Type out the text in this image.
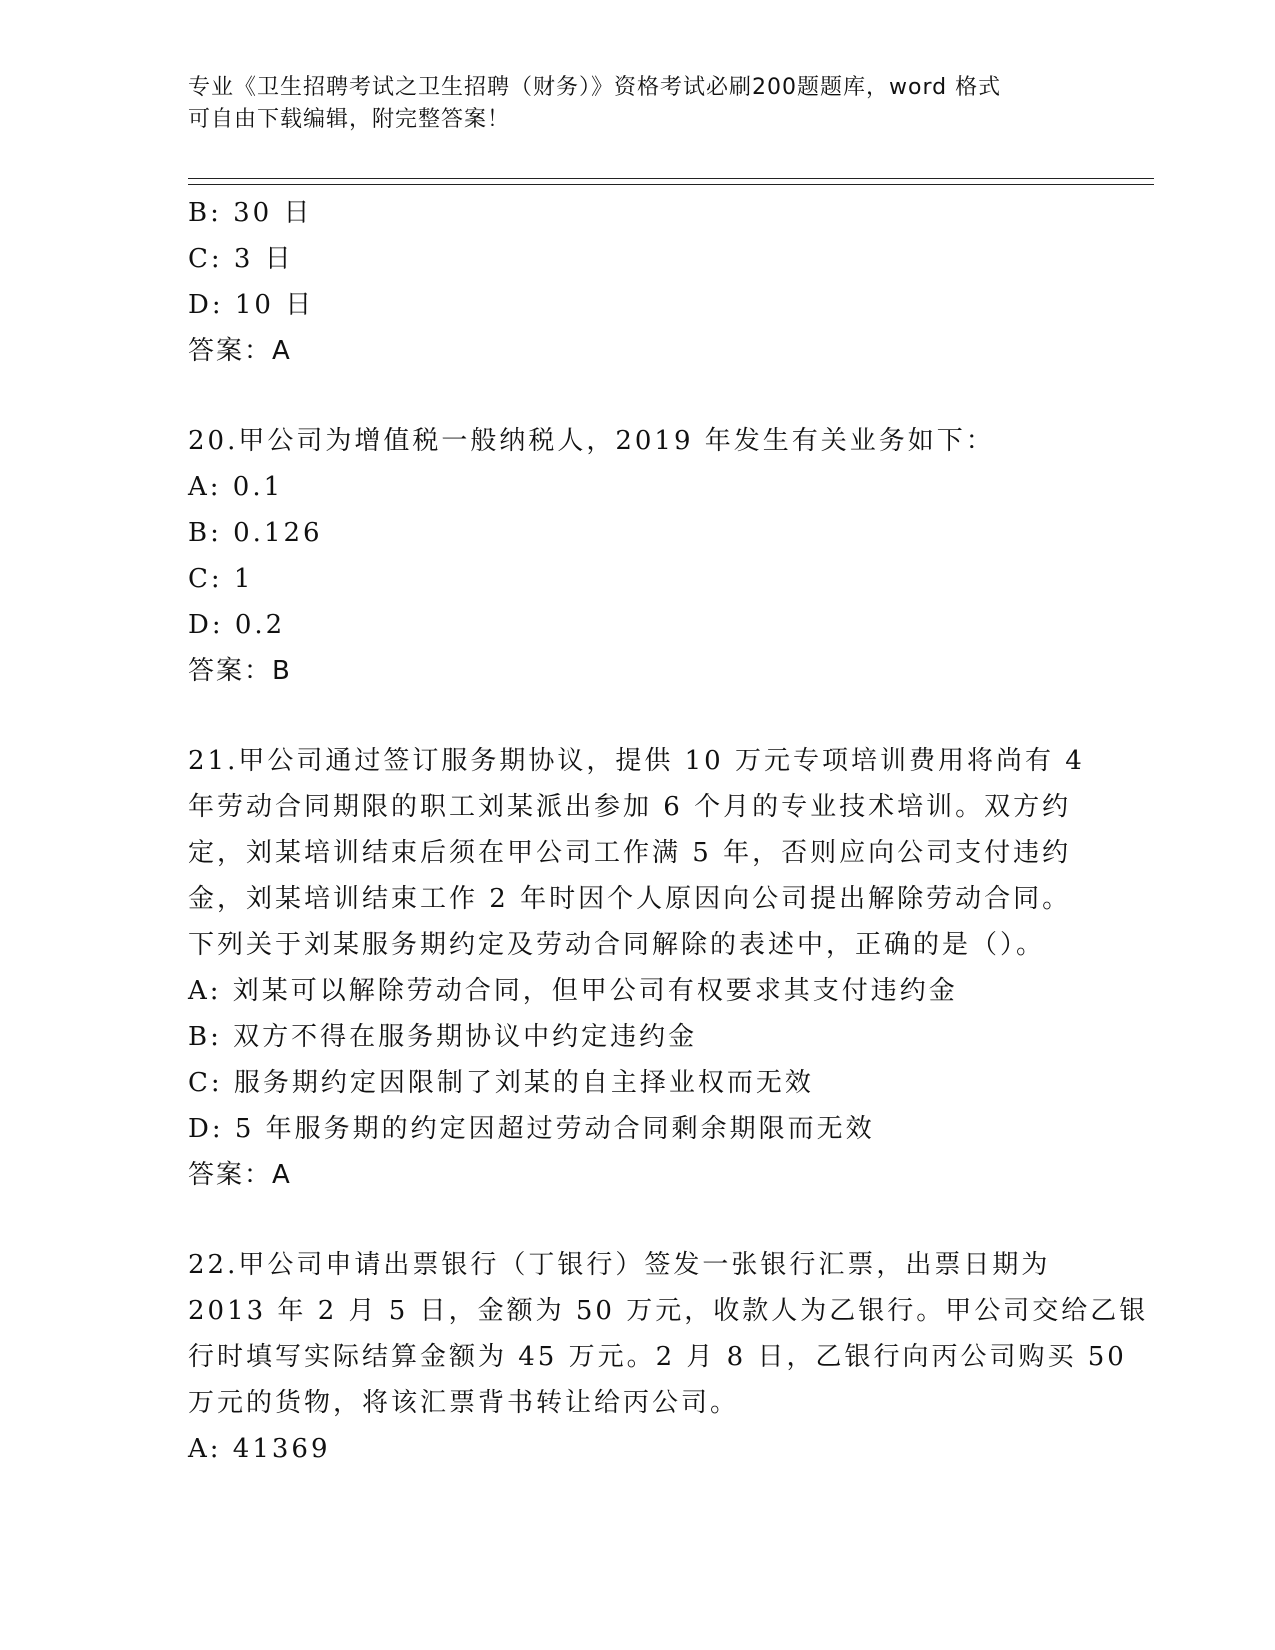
专业《卫生招聘考试之卫生招聘（财务）》资格考试必刷200题题库，word 格式
可自由下载编辑，附完整答案！
B: 30 日
C: 3 日
D: 10 日
答案：A
20.甲公司为增值税一般纳税人，2019 年发生有关业务如下：
A: 0.1
B: 0.126
C: 1
D: 0.2
答案：B
21.甲公司通过签订服务期协议，提供 10 万元专项培训费用将尚有 4
年劳动合同期限的职工刘某派出参加 6 个月的专业技术培训。双方约
定，刘某培训结束后须在甲公司工作满 5 年，否则应向公司支付违约
金，刘某培训结束工作 2 年时因个人原因向公司提出解除劳动合同。
下列关于刘某服务期约定及劳动合同解除的表述中，正确的是（）。
A: 刘某可以解除劳动合同，但甲公司有权要求其支付违约金
B: 双方不得在服务期协议中约定违约金
C: 服务期约定因限制了刘某的自主择业权而无效
D: 5 年服务期的约定因超过劳动合同剩余期限而无效
答案：A
22.甲公司申请出票银行（丁银行）签发一张银行汇票，出票日期为
2013 年 2 月 5 日，金额为 50 万元，收款人为乙银行。甲公司交给乙银
行时填写实际结算金额为 45 万元。2 月 8 日，乙银行向丙公司购买 50
万元的货物，将该汇票背书转让给丙公司。
A: 41369
